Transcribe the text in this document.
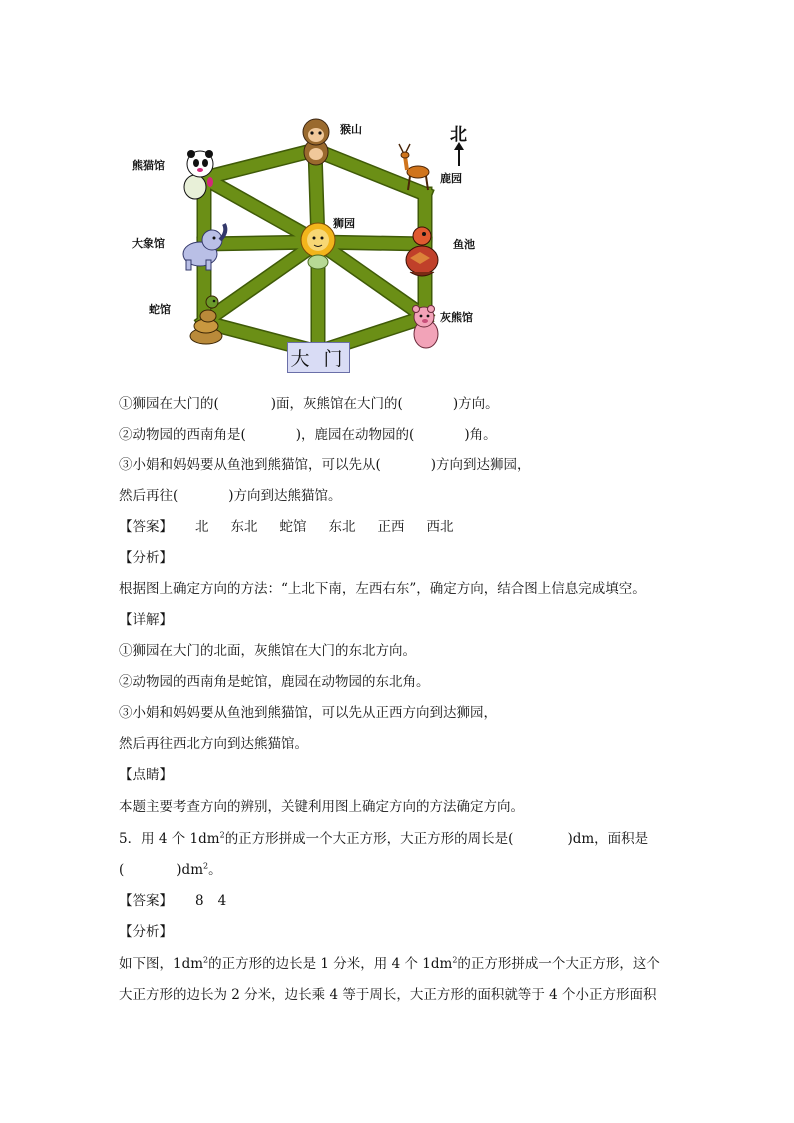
猴山
鹿园
熊猫馆
狮园
大象馆	鱼池
蛇馆
灰熊馆
北
大 门
①狮园在大门的(	)面，灰熊馆在大门的(	)方向。
②动物园的西南角是(	)，鹿园在动物园的(	)角。
③小娟和妈妈要从鱼池到熊猫馆，可以先从(	)方向到达狮园，
然后再往(	)方向到达熊猫馆。
【答案】 北 东北 蛇馆 东北 正西 西北
【分析】
根据图上确定方向的方法：“上北下南，左西右东”，确定方向，结合图上信息完成填空。
【详解】
①狮园在大门的北面，灰熊馆在大门的东北方向。
②动物园的西南角是蛇馆，鹿园在动物园的东北角。
③小娟和妈妈要从鱼池到熊猫馆，可以先从正西方向到达狮园，
然后再往西北方向到达熊猫馆。
【点睛】
本题主要考查方向的辨别，关键利用图上确定方向的方法确定方向。
5．用 4 个 $1dm^2$的正方形拼成一个大正方形，大正方形的周长是(	)dm，面积是
(	)$dm^2$。
【答案】 8 4
【分析】
如下图，$1dm^2$的正方形的边长是 1 分米，用 4 个 $1dm^2$的正方形拼成一个大正方形，这个
大正方形的边长为 2 分米，边长乘 4 等于周长，大正方形的面积就等于 4 个小正方形面积
